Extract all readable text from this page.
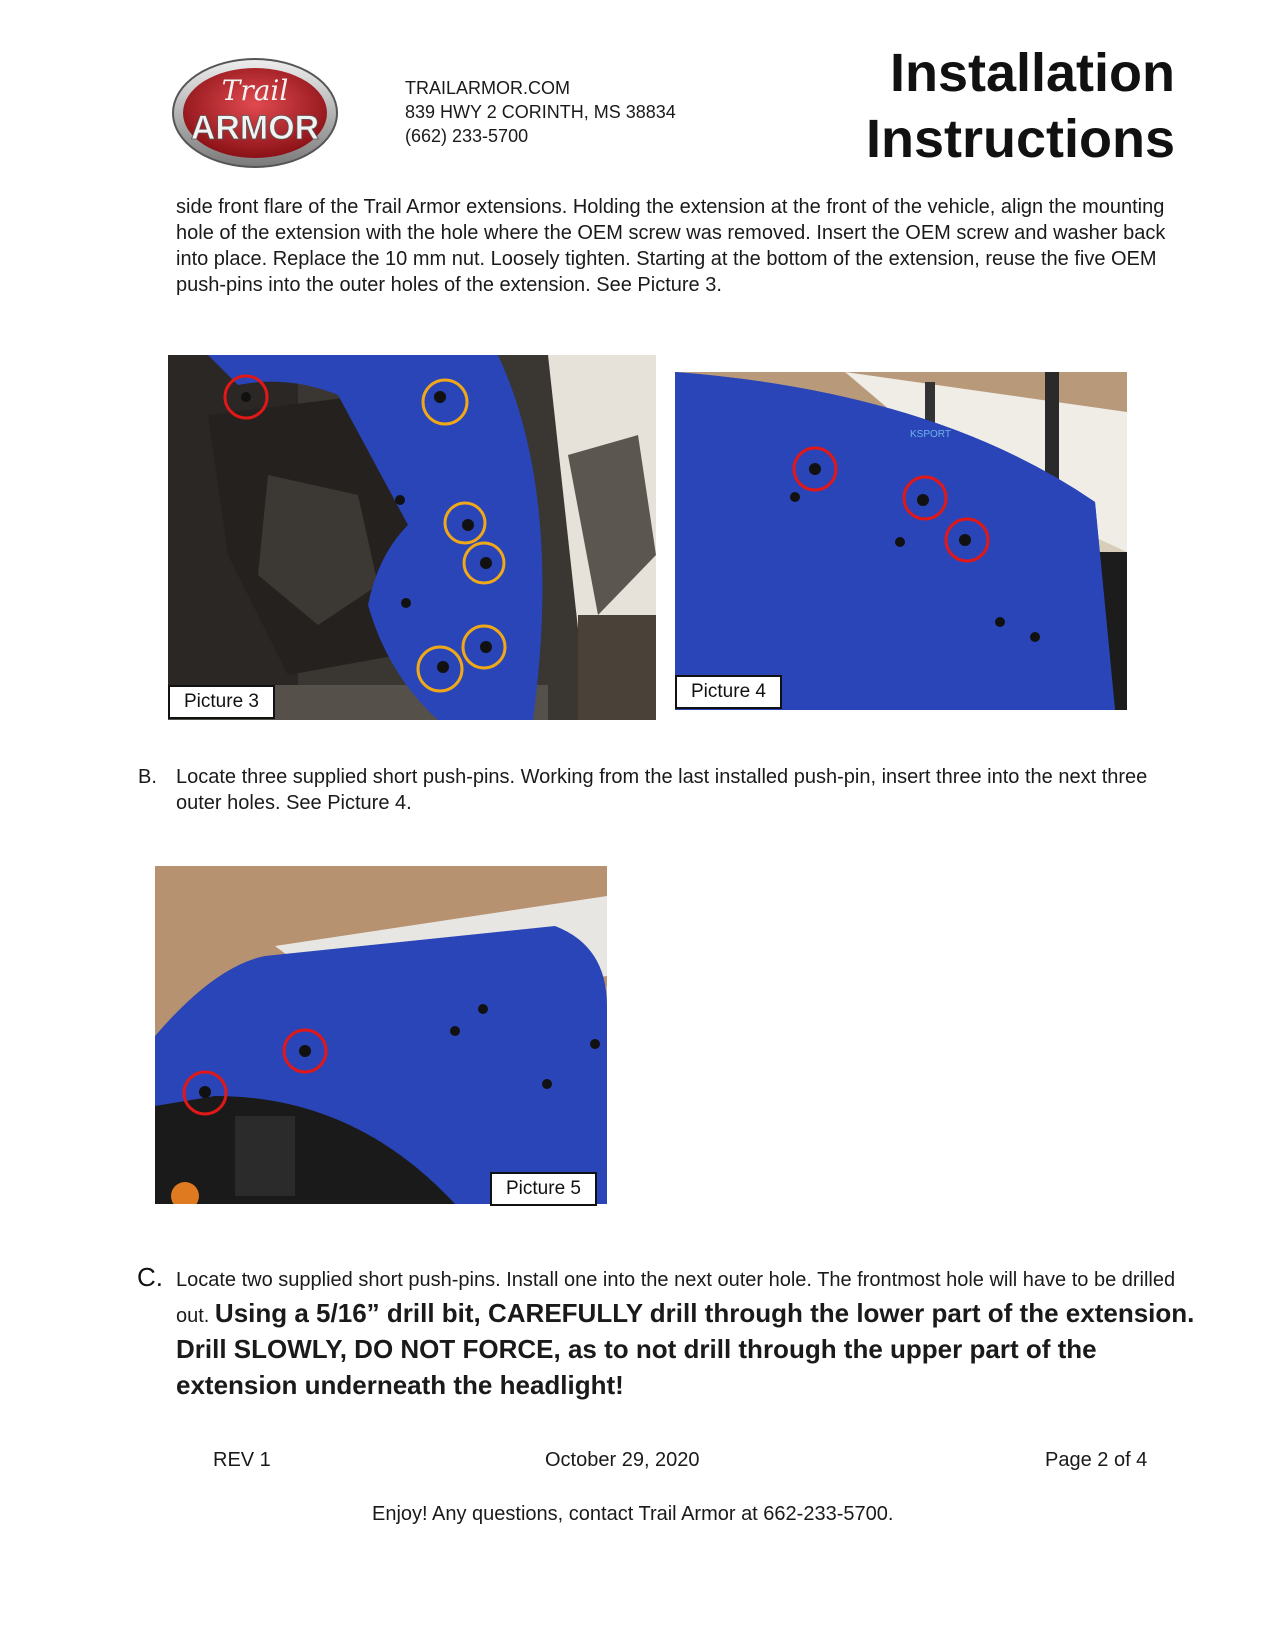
Trail
ARMOR
TRAILARMOR.COM
839 HWY 2 CORINTH, MS 38834
(662) 233-5700
Installation
Instructions
side front flare of the Trail Armor extensions. Holding the extension at the front of the vehicle, align the mounting hole of the extension with the hole where the OEM screw was removed. Insert the OEM screw and washer back into place. Replace the 10 mm nut. Loosely tighten. Starting at the bottom of the extension, reuse the five OEM push-pins into the outer holes of the extension. See Picture 3.
Picture 3
KSPORT
Picture 4
B. Locate three supplied short push-pins. Working from the last installed push-pin, insert three into the next three outer holes. See Picture 4.
Picture 5
C. Locate two supplied short push-pins. Install one into the next outer hole. The frontmost hole will have to be drilled out. Using a 5/16” drill bit, CAREFULLY drill through the lower part of the extension. Drill SLOWLY, DO NOT FORCE, as to not drill through the upper part of the extension underneath the headlight!
REV 1	October 29, 2020	Page 2 of 4
Enjoy! Any questions, contact Trail Armor at 662-233-5700.
